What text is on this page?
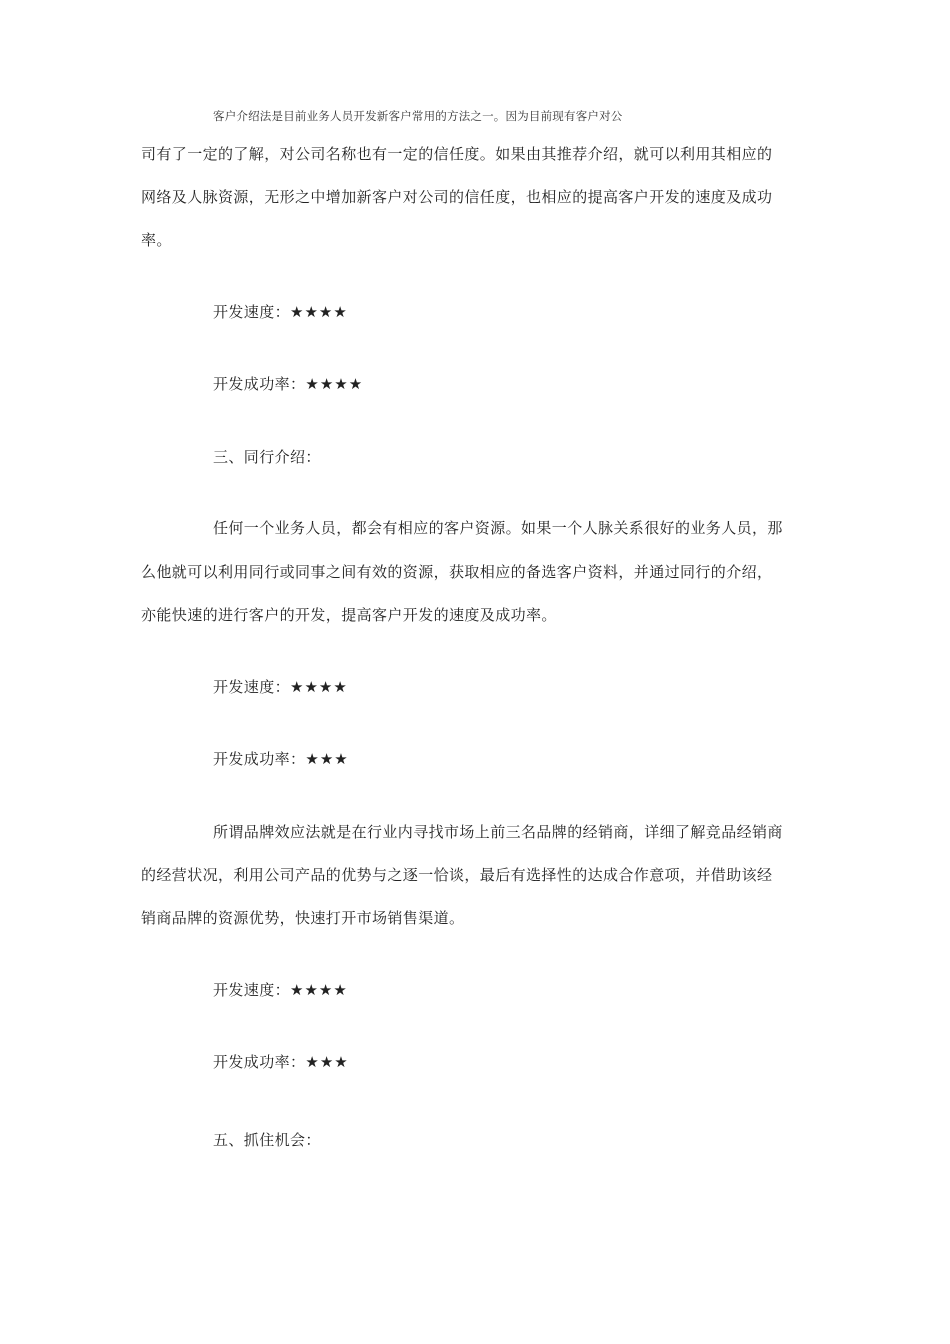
客户介绍法是目前业务人员开发新客户常用的方法之一。因为目前现有客户对公
司有了一定的了解，对公司名称也有一定的信任度。如果由其推荐介绍，就可以利用其相应的
网络及人脉资源，无形之中增加新客户对公司的信任度，也相应的提高客户开发的速度及成功
率。
开发速度：★★★★
开发成功率：★★★★
三、同行介绍：
任何一个业务人员，都会有相应的客户资源。如果一个人脉关系很好的业务人员，那
么他就可以利用同行或同事之间有效的资源，获取相应的备选客户资料，并通过同行的介绍，
亦能快速的进行客户的开发，提高客户开发的速度及成功率。
开发速度：★★★★
开发成功率：★★★
所谓品牌效应法就是在行业内寻找市场上前三名品牌的经销商，详细了解竞品经销商
的经营状况，利用公司产品的优势与之逐一恰谈，最后有选择性的达成合作意项，并借助该经
销商品牌的资源优势，快速打开市场销售渠道。
开发速度：★★★★
开发成功率：★★★
五、抓住机会：
